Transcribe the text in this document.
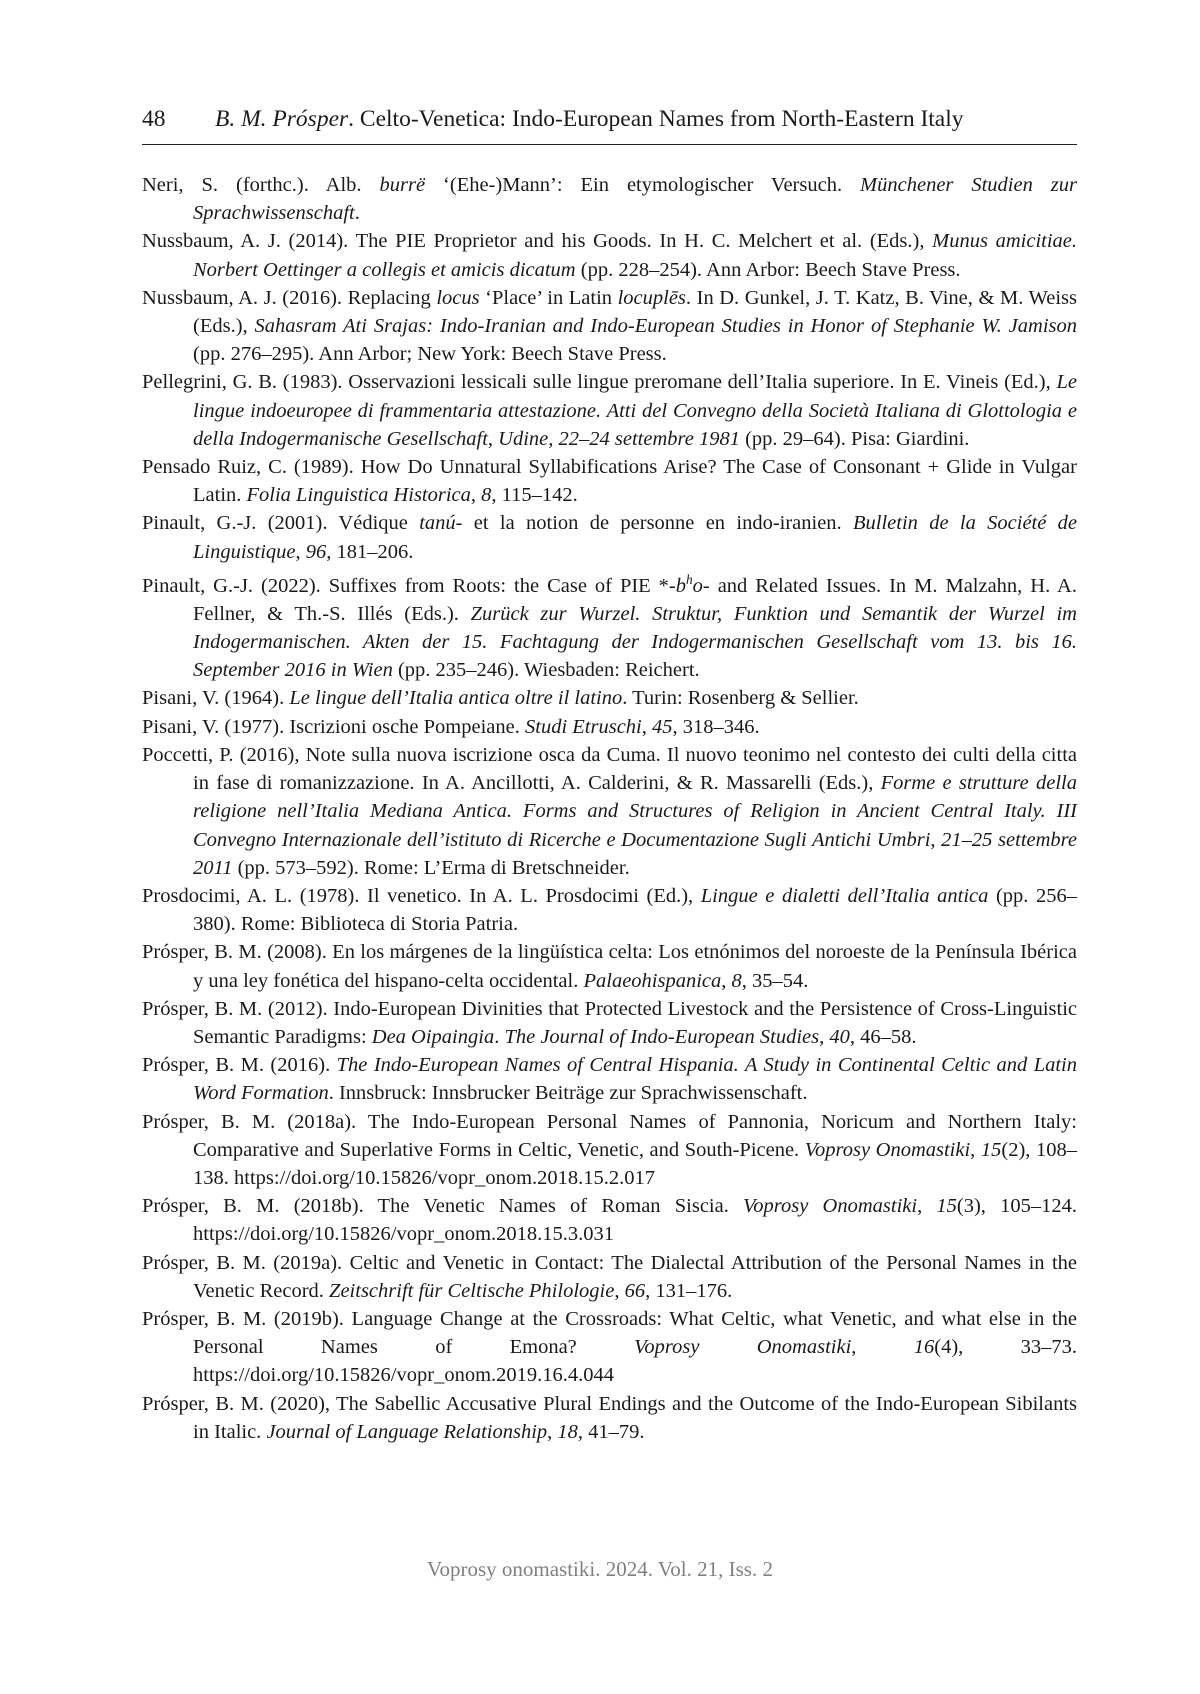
48 B. M. Prósper. Celto-Venetica: Indo-European Names from North-Eastern Italy

Neri, S. (forthc.). Alb. burrë ‘(Ehe-)Mann’: Ein etymologischer Versuch. Münchener Studien zur Sprachwissenschaft.

Nussbaum, A. J. (2014). The PIE Proprietor and his Goods. In H. C. Melchert et al. (Eds.), Munus amicitiae. Norbert Oettinger a collegis et amicis dicatum (pp. 228–254). Ann Arbor: Beech Stave Press.

Nussbaum, A. J. (2016). Replacing locus ‘Place’ in Latin locuplēs. In D. Gunkel, J. T. Katz, B. Vine, & M. Weiss (Eds.), Sahasram Ati Srajas: Indo-Iranian and Indo-European Studies in Honor of Stephanie W. Jamison (pp. 276–295). Ann Arbor; New York: Beech Stave Press.

Pellegrini, G. B. (1983). Osservazioni lessicali sulle lingue preromane dell’Italia superiore. In E. Vineis (Ed.), Le lingue indoeuropee di frammentaria attestazione. Atti del Convegno della Società Italiana di Glottologia e della Indogermanische Gesellschaft, Udine, 22–24 settembre 1981 (pp. 29–64). Pisa: Giardini.

Pensado Ruiz, C. (1989). How Do Unnatural Syllabifications Arise? The Case of Consonant + Glide in Vulgar Latin. Folia Linguistica Historica, 8, 115–142.

Pinault, G.-J. (2001). Védique tanú- et la notion de personne en indo-iranien. Bulletin de la Société de Linguistique, 96, 181–206.

Pinault, G.-J. (2022). Suffixes from Roots: the Case of PIE $*-b^ho-$ and Related Issues. In M. Malzahn, H. A. Fellner, & Th.-S. Illés (Eds.). Zurück zur Wurzel. Struktur, Funktion und Semantik der Wurzel im Indogermanischen. Akten der 15. Fachtagung der Indogermanischen Gesellschaft vom 13. bis 16. September 2016 in Wien (pp. 235–246). Wiesbaden: Reichert.

Pisani, V. (1964). Le lingue dell’Italia antica oltre il latino. Turin: Rosenberg & Sellier.

Pisani, V. (1977). Iscrizioni osche Pompeiane. Studi Etruschi, 45, 318–346.

Poccetti, P. (2016), Note sulla nuova iscrizione osca da Cuma. Il nuovo teonimo nel contesto dei culti della citta in fase di romanizzazione. In A. Ancillotti, A. Calderini, & R. Massarelli (Eds.), Forme e strutture della religione nell’Italia Mediana Antica. Forms and Structures of Religion in Ancient Central Italy. III Convegno Internazionale dell’istituto di Ricerche e Documentazione Sugli Antichi Umbri, 21–25 settembre 2011 (pp. 573–592). Rome: L’Erma di Bretschneider.

Prosdocimi, A. L. (1978). Il venetico. In A. L. Prosdocimi (Ed.), Lingue e dialetti dell’Italia antica (pp. 256–380). Rome: Biblioteca di Storia Patria.

Prósper, B. M. (2008). En los márgenes de la lingüística celta: Los etnónimos del noroeste de la Península Ibérica y una ley fonética del hispano-celta occidental. Palaeohispanica, 8, 35–54.

Prósper, B. M. (2012). Indo-European Divinities that Protected Livestock and the Persistence of Cross-Linguistic Semantic Paradigms: Dea Oipaingia. The Journal of Indo-European Studies, 40, 46–58.

Prósper, B. M. (2016). The Indo-European Names of Central Hispania. A Study in Continental Celtic and Latin Word Formation. Innsbruck: Innsbrucker Beiträge zur Sprachwissenschaft.

Prósper, B. M. (2018a). The Indo-European Personal Names of Pannonia, Noricum and Northern Italy: Comparative and Superlative Forms in Celtic, Venetic, and South-Picene. Voprosy Onomastiki, 15(2), 108–138. https://doi.org/10.15826/vopr_onom.2018.15.2.017

Prósper, B. M. (2018b). The Venetic Names of Roman Siscia. Voprosy Onomastiki, 15(3), 105–124. https://doi.org/10.15826/vopr_onom.2018.15.3.031

Prósper, B. M. (2019a). Celtic and Venetic in Contact: The Dialectal Attribution of the Personal Names in the Venetic Record. Zeitschrift für Celtische Philologie, 66, 131–176.

Prósper, B. M. (2019b). Language Change at the Crossroads: What Celtic, what Venetic, and what else in the Personal Names of Emona? Voprosy Onomastiki, 16(4), 33–73. https://doi.org/10.15826/vopr_onom.2019.16.4.044

Prósper, B. M. (2020), The Sabellic Accusative Plural Endings and the Outcome of the Indo-European Sibilants in Italic. Journal of Language Relationship, 18, 41–79.

Voprosy onomastiki. 2024. Vol. 21, Iss. 2
